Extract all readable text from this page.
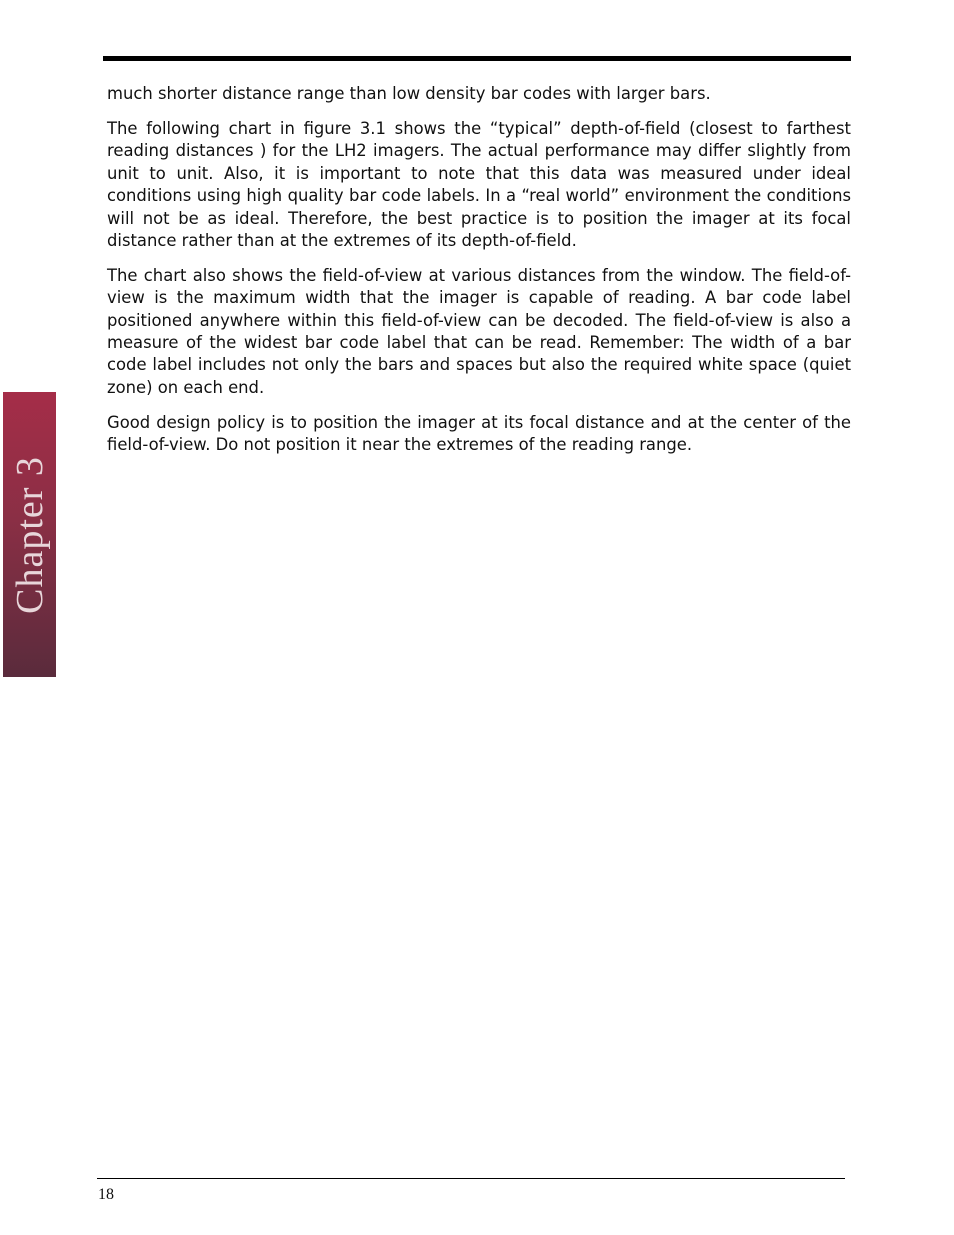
Chapter 3

much shorter distance range than low density bar codes with larger bars.

The following chart in figure 3.1 shows the “typical” depth-of-field (closest to farthest reading distances ) for the LH2 imagers. The actual performance may differ slightly from unit to unit. Also, it is important to note that this data was measured under ideal conditions using high quality bar code labels. In a “real world” environment the conditions will not be as ideal. Therefore, the best practice is to position the imager at its focal distance rather than at the extremes of its depth-of-field.

The chart also shows the field-of-view at various distances from the window. The field-of-view is the maximum width that the imager is capable of reading. A bar code label positioned anywhere within this field-of-view can be decoded. The field-of-view is also a measure of the widest bar code label that can be read. Remember: The width of a bar code label includes not only the bars and spaces but also the required white space (quiet zone) on each end.

Good design policy is to position the imager at its focal distance and at the center of the field-of-view. Do not position it near the extremes of the reading range.

18
